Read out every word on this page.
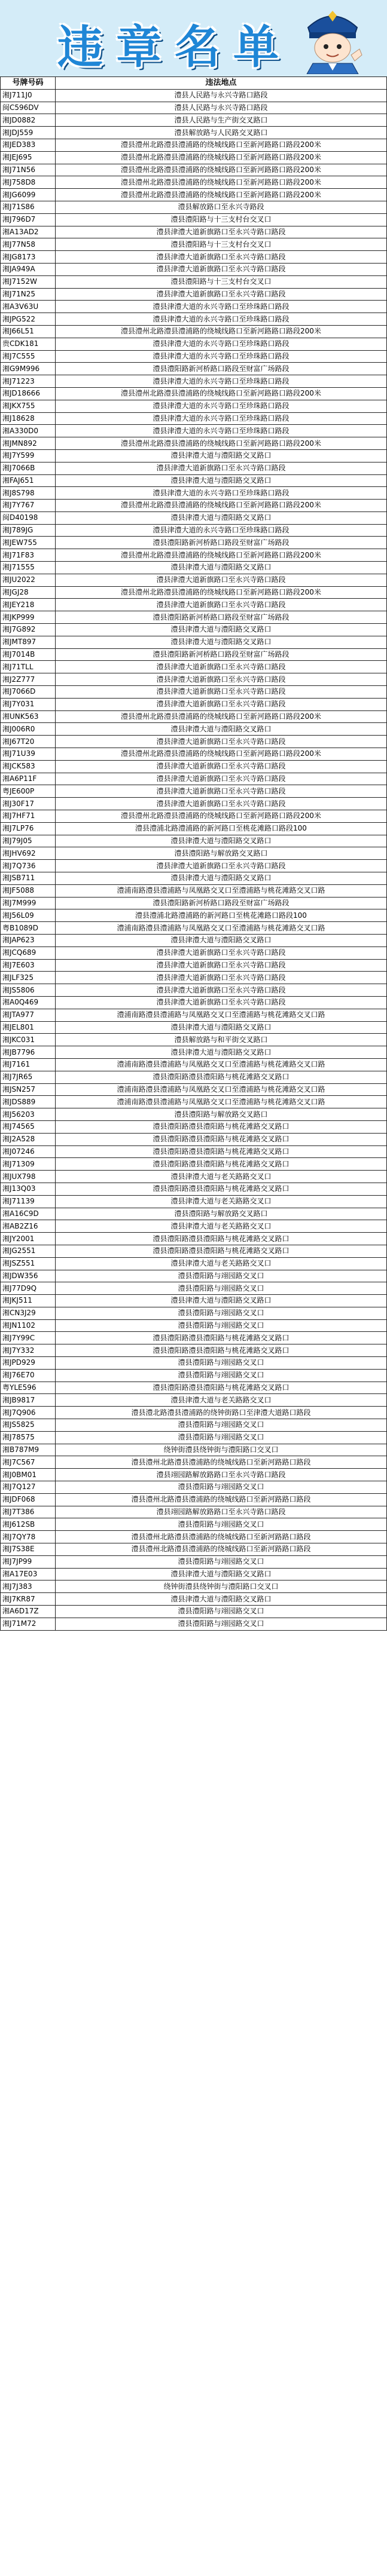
违章名单
号牌号码	违法地点
湘J711J0	澧县人民路与永兴寺路口路段
闽C596DV	澧县人民路与永兴寺路口路段
湘JD0882	澧县人民路与生产街交叉路口
湘JDJ559	澧县解放路与人民路交叉路口
湘JED383	澧县澧州北路澧县澧浦路的绕城线路口至新河路路口路段200米
湘JEJ695	澧县澧州北路澧县澧浦路的绕城线路口至新河路路口路段200米
湘J71N56	澧县澧州北路澧县澧浦路的绕城线路口至新河路路口路段200米
湘J758D8	澧县澧州北路澧县澧浦路的绕城线路口至新河路路口路段200米
湘JG6099	澧县澧州北路澧县澧浦路的绕城线路口至新河路路口路段200米
湘J71S86	澧县解放路口至永兴寺路段
湘J796D7	澧县澧阳路与十三支村台交叉口
湘A13AD2	澧县津澧大道新旗路口至永兴寺路口路段
湘J77N58	澧县澧阳路与十三支村台交叉口
湘JG8173	澧县津澧大道新旗路口至永兴寺路口路段
湘JA949A	澧县津澧大道新旗路口至永兴寺路口路段
湘J7152W	澧县澧阳路与十三支村台交叉口
湘J71N25	澧县津澧大道新旗路口至永兴寺路口路段
湘A3V63U	澧县津澧大道的永兴寺路口至珍珠路口路段
湘JPG522	澧县津澧大道的永兴寺路口至珍珠路口路段
湘J66L51	澧县澧州北路澧县澧浦路的绕城线路口至新河路路口路段200米
贵CDK181	澧县津澧大道的永兴寺路口至珍珠路口路段
湘J7C555	澧县津澧大道的永兴寺路口至珍珠路口路段
湘G9M996	澧县澧阳路新河桥路口路段至财富广场路段
湘J71223	澧县津澧大道的永兴寺路口至珍珠路口路段
湘JD18666	澧县澧州北路澧县澧浦路的绕城线路口至新河路路口路段200米
湘JKX755	澧县津澧大道的永兴寺路口至珍珠路口路段
湘J18628	澧县津澧大道的永兴寺路口至珍珠路口路段
湘A330D0	澧县津澧大道的永兴寺路口至珍珠路口路段
湘JMN892	澧县澧州北路澧县澧浦路的绕城线路口至新河路路口路段200米
湘J7Y599	澧县津澧大道与澧阳路交叉路口
湘J7066B	澧县津澧大道新旗路口至永兴寺路口路段
湘FAJ651	澧县津澧大道与澧阳路交叉路口
湘J8S798	澧县津澧大道的永兴寺路口至珍珠路口路段
湘J7Y767	澧县澧州北路澧县澧浦路的绕城线路口至新河路路口路段200米
闽D40198	澧县津澧大道与澧阳路交叉路口
湘J789JG	澧县津澧大道的永兴寺路口至珍珠路口路段
湘JEW755	澧县澧阳路新河桥路口路段至财富广场路段
湘J71F83	澧县澧州北路澧县澧浦路的绕城线路口至新河路路口路段200米
湘J71555	澧县津澧大道与澧阳路交叉路口
湘JU2022	澧县津澧大道新旗路口至永兴寺路口路段
湘JGJ28	澧县澧州北路澧县澧浦路的绕城线路口至新河路路口路段200米
湘JEY218	澧县津澧大道新旗路口至永兴寺路口路段
湘JKP999	澧县澧阳路新河桥路口路段至财富广场路段
湘J7G892	澧县津澧大道与澧阳路交叉路口
湘JMT897	澧县津澧大道与澧阳路交叉路口
湘J7014B	澧县澧阳路新河桥路口路段至财富广场路段
湘J71TLL	澧县津澧大道新旗路口至永兴寺路口路段
湘J2Z777	澧县津澧大道新旗路口至永兴寺路口路段
湘J7066D	澧县津澧大道新旗路口至永兴寺路口路段
湘J7Y031	澧县津澧大道新旗路口至永兴寺路口路段
湘UNK563	澧县澧州北路澧县澧浦路的绕城线路口至新河路路口路段200米
湘J006R0	澧县津澧大道与澧阳路交叉路口
湘J67T20	澧县津澧大道新旗路口至永兴寺路口路段
湘J71U39	澧县澧州北路澧县澧浦路的绕城线路口至新河路路口路段200米
湘JCK583	澧县津澧大道新旗路口至永兴寺路口路段
湘A6P11F	澧县津澧大道新旗路口至永兴寺路口路段
粤JE600P	澧县津澧大道新旗路口至永兴寺路口路段
湘J30F17	澧县津澧大道新旗路口至永兴寺路口路段
湘J7HF71	澧县澧州北路澧县澧浦路的绕城线路口至新河路路口路段200米
湘J7LP76	澧县澧浦北路澧浦路的新河路口至桃花滩路口路段100
湘J79J05	澧县津澧大道与澧阳路交叉路口
湘JHV692	澧县澧阳路与解放路交叉路口
湘J7Q736	澧县津澧大道新旗路口至永兴寺路口路段
湘JSB711	澧县津澧大道与澧阳路交叉路口
湘JF5088	澧浦南路澧县澧浦路与凤凰路交叉口至澧浦路与桃花滩路交叉口路
湘J7M999	澧县澧阳路新河桥路口路段至财富广场路段
湘J56L09	澧县澧浦北路澧浦路的新河路口至桃花滩路口路段100
粤B1089D	澧浦南路澧县澧浦路与凤凰路交叉口至澧浦路与桃花滩路交叉口路
湘JAP623	澧县津澧大道与澧阳路交叉路口
湘JCQ689	澧县津澧大道新旗路口至永兴寺路口路段
湘J7E603	澧县津澧大道新旗路口至永兴寺路口路段
湘JLF325	澧县津澧大道新旗路口至永兴寺路口路段
湘JS5806	澧县津澧大道新旗路口至永兴寺路口路段
湘A0Q469	澧县津澧大道新旗路口至永兴寺路口路段
湘JTA977	澧浦南路澧县澧浦路与凤凰路交叉口至澧浦路与桃花滩路交叉口路
湘JEL801	澧县津澧大道与澧阳路交叉路口
湘JKC031	澧县解放路与和平街交叉路口
湘JB7796	澧县津澧大道与澧阳路交叉路口
湘J7161	澧浦南路澧县澧浦路与凤凰路交叉口至澧浦路与桃花滩路交叉口路
湘J7JR65	澧县澧阳路澧县澧阳路与桃花滩路交叉路口
湘JSN257	澧浦南路澧县澧浦路与凤凰路交叉口至澧浦路与桃花滩路交叉口路
湘JDS889	澧浦南路澧县澧浦路与凤凰路交叉口至澧浦路与桃花滩路交叉口路
湘J56203	澧县澧阳路与解放路交叉路口
湘J74565	澧县澧阳路澧县澧阳路与桃花滩路交叉路口
湘J2A528	澧县澧阳路澧县澧阳路与桃花滩路交叉路口
湘J07246	澧县澧阳路澧县澧阳路与桃花滩路交叉路口
湘J71309	澧县澧阳路澧县澧阳路与桃花滩路交叉路口
湘JUX798	澧县津澧大道与老关路路交叉口
湘J13Q03	澧县澧阳路澧县澧阳路与桃花滩路交叉路口
湘J71139	澧县津澧大道与老关路路交叉口
湘A16C9D	澧县澧阳路与解放路交叉路口
湘AB2Z16	澧县津澧大道与老关路路交叉口
湘JY2001	澧县澧阳路澧县澧阳路与桃花滩路交叉路口
湘JG2551	澧县澧阳路澧县澧阳路与桃花滩路交叉路口
湘JSZ551	澧县津澧大道与老关路路交叉口
湘JDW356	澧县澧阳路与翊园路交叉口
湘J77D9Q	澧县澧阳路与翊园路交叉口
湘JKJ511	澧县津澧大道与澧阳路交叉路口
湘CN3J29	澧县澧阳路与翊园路交叉口
湘JN1102	澧县澧阳路与翊园路交叉口
湘J7Y99C	澧县澧阳路澧县澧阳路与桃花滩路交叉路口
湘J7Y332	澧县澧阳路澧县澧阳路与桃花滩路交叉路口
湘JPD929	澧县澧阳路与翊园路交叉口
湘J76E70	澧县澧阳路与翊园路交叉口
粤YLE596	澧县澧阳路澧县澧阳路与桃花滩路交叉路口
湘JB9817	澧县津澧大道与老关路路交叉口
湘J7Q906	澧县澧北路澧县澧浦路的绕钟街路口至津澧大道路口路段
湘JS5825	澧县澧阳路与翊园路交叉口
湘J78575	澧县澧阳路与翊园路交叉口
湘B787M9	绕钟街澧县绕钟街与澧阳路口交叉口
湘J7C567	澧县澧州北路澧县澧浦路的绕城线路口至新河路路口路段
湘J0BM01	澧县翊园路解放路路口至永兴寺路口路段
湘J7Q127	澧县澧阳路与翊园路交叉口
湘JDF068	澧县澧州北路澧县澧浦路的绕城线路口至新河路路口路段
湘J7T386	澧县翊园路解放路路口至永兴寺路口路段
湘J612SB	澧县澧阳路与翊园路交叉口
湘J7QY78	澧县澧州北路澧县澧浦路的绕城线路口至新河路路口路段
湘J7S38E	澧县澧州北路澧县澧浦路的绕城线路口至新河路路口路段
湘J7JP99	澧县澧阳路与翊园路交叉口
湘A17E03	澧县津澧大道与澧阳路交叉路口
湘J7J383	绕钟街澧县绕钟街与澧阳路口交叉口
湘J7KR87	澧县津澧大道与澧阳路交叉路口
湘A6D17Z	澧县澧阳路与翊园路交叉口
湘J71M72	澧县澧阳路与翊园路交叉口
